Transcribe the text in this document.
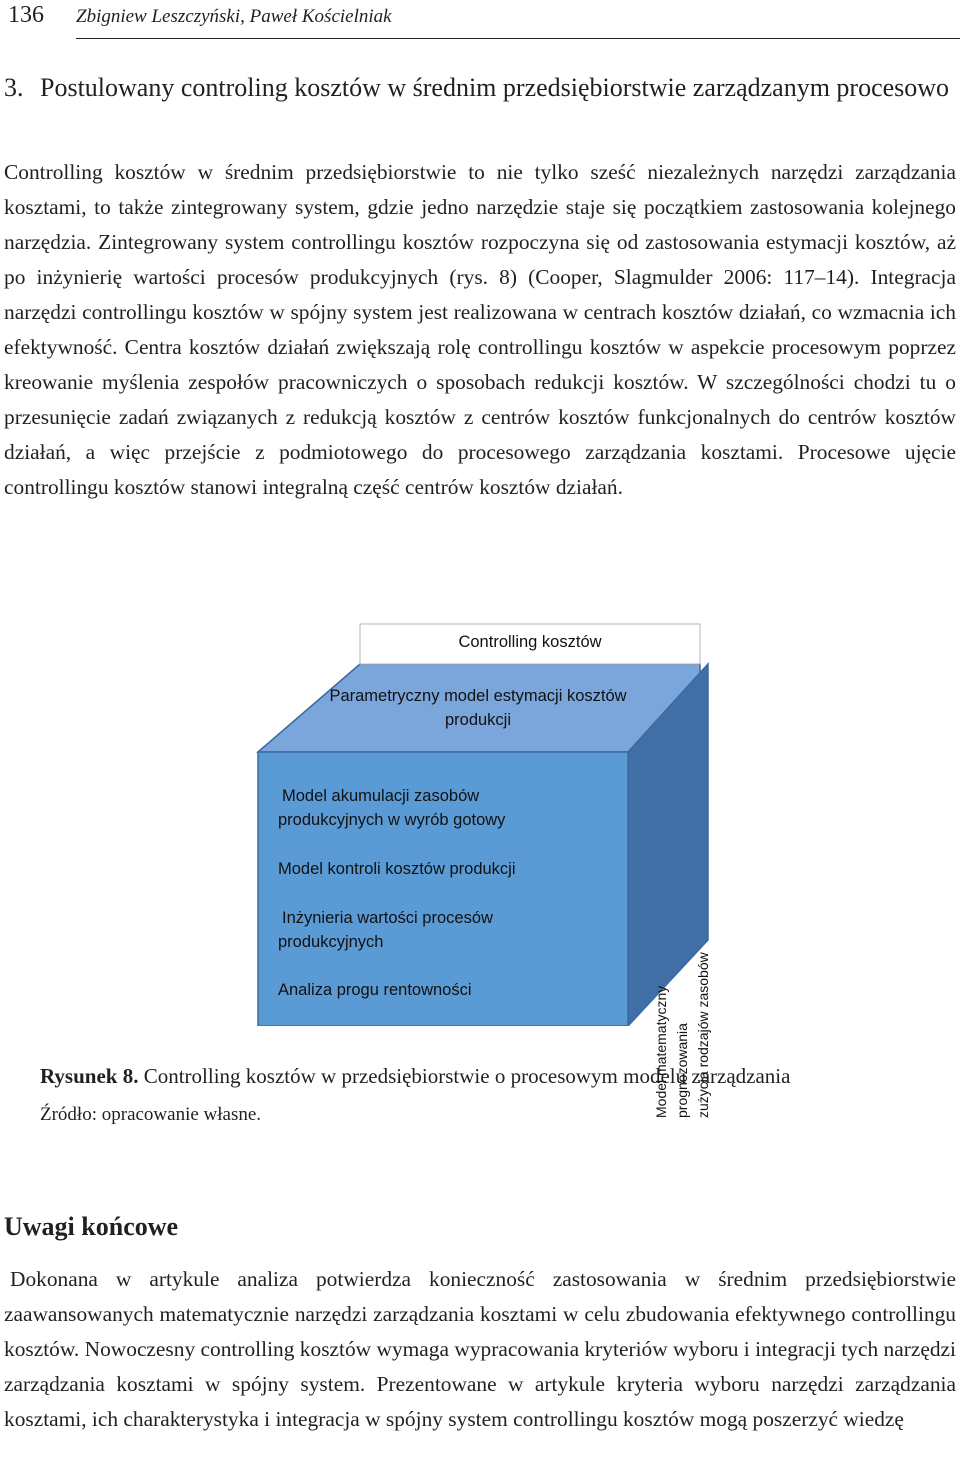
136 Zbigniew Leszczyński, Paweł Kościelniak
3. Postulowany controling kosztów w średnim przedsiębiorstwie zarządzanym procesowo

Controlling kosztów w średnim przedsiębiorstwie to nie tylko sześć niezależnych narzędzi zarządzania kosztami, to także zintegrowany system, gdzie jedno narzędzie staje się początkiem zastosowania kolejnego narzędzia. Zintegrowany system controllingu kosztów rozpoczyna się od zastosowania estymacji kosztów, aż po inżynierię wartości procesów produkcyjnych (rys. 8) (Cooper, Slagmulder 2006: 117–14). Integracja narzędzi controllingu kosztów w spójny system jest realizowana w centrach kosztów działań, co wzmacnia ich efektywność. Centra kosztów działań zwiększają rolę controllingu kosztów w aspekcie procesowym poprzez kreowanie myślenia zespołów pracowniczych o sposobach redukcji kosztów. W szczególności chodzi tu o przesunięcie zadań związanych z redukcją kosztów z centrów kosztów funkcjonalnych do centrów kosztów działań, a więc przejście z podmiotowego do procesowego zarządzania kosztami. Procesowe ujęcie controllingu kosztów stanowi integralną część centrów kosztów działań.

Controlling kosztów
Parametryczny model estymacji kosztów
produkcji
Model akumulacji zasobów
produkcyjnych w wyrób gotowy
Model kontroli kosztów produkcji
Inżynieria wartości procesów
produkcyjnych
Analiza progu rentowności	Model matematyczny prognozowania zużycia rodzajów zasobów
Rysunek 8. Controlling kosztów w przedsiębiorstwie o procesowym modelu zarządzania
Źródło: opracowanie własne.
Uwagi końcowe

Dokonana w artykule analiza potwierdza konieczność zastosowania w średnim przedsiębiorstwie zaawansowanych matematycznie narzędzi zarządzania kosztami w celu zbudowania efektywnego controllingu kosztów. Nowoczesny controlling kosztów wymaga wypracowania kryteriów wyboru i integracji tych narzędzi zarządzania kosztami w spójny system. Prezentowane w artykule kryteria wyboru narzędzi zarządzania kosztami, ich charakterystyka i integracja w spójny system controllingu kosztów mogą poszerzyć wiedzę
